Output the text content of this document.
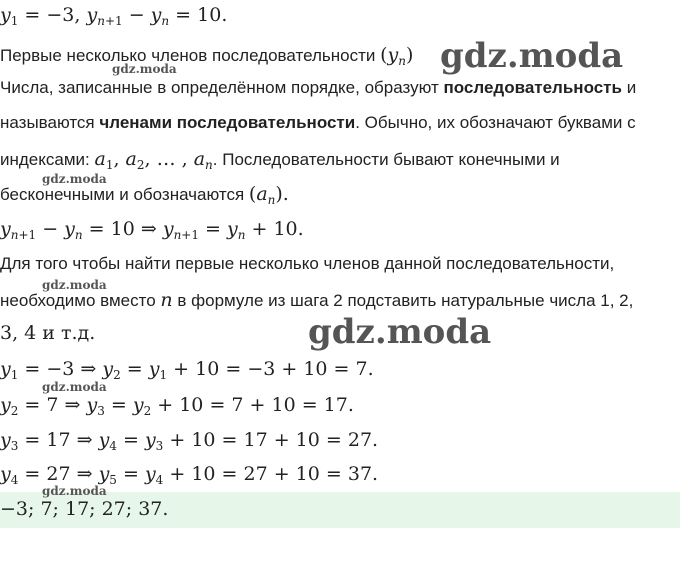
$y_1 = -3$, $y_{n+1} - y_n = 10$.
Первые несколько членов последовательности $(y_n)$
Числа, записанные в определённом порядке, образуют последовательность и
называются членами последовательности. Обычно, их обозначают буквами с
индексами: $a_1$, $a_2$, … , $a_n$. Последовательности бывают конечными и
бесконечными и обозначаются $(a_n)$.
$y_{n+1} - y_n = 10$ ⇒ $y_{n+1} = y_n + 10$.
Для того чтобы найти первые несколько членов данной последовательности,
необходимо вместо n в формуле из шага 2 подставить натуральные числа 1, 2,
3, 4 и т.д.
$y_1 = -3$ ⇒ $y_2 = y_1 + 10 = -3 + 10 = 7$.
$y_2 = 7$ ⇒ $y_3 = y_2 + 10 = 7 + 10 = 17$.
$y_3 = 17$ ⇒ $y_4 = y_3 + 10 = 17 + 10 = 27$.
$y_4 = 27$ ⇒ $y_5 = y_4 + 10 = 27 + 10 = 37$.
−3; 7; 17; 27; 37.
gdz.moda
gdz.moda
gdz.moda
gdz.moda
gdz.moda
gdz.moda
gdz.moda
